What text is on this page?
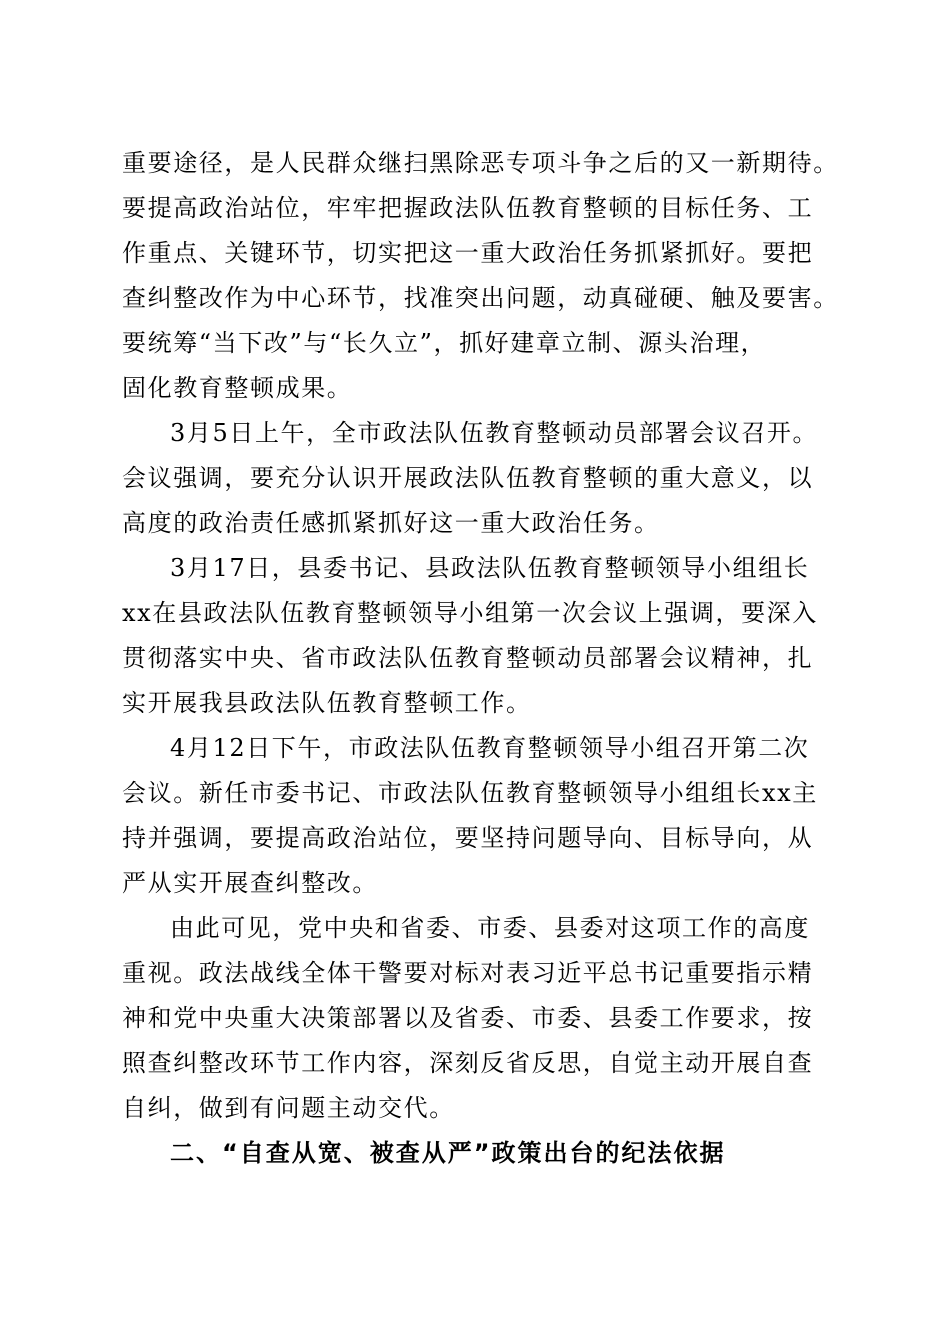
重要途径，是人民群众继扫黑除恶专项斗争之后的又一新期待。
要提高政治站位，牢牢把握政法队伍教育整顿的目标任务、工
作重点、关键环节，切实把这一重大政治任务抓紧抓好。要把
查纠整改作为中心环节，找准突出问题，动真碰硬、触及要害。
要统筹“当下改”与“长久立”，抓好建章立制、源头治理，
固化教育整顿成果。
3月5日上午，全市政法队伍教育整顿动员部署会议召开。
会议强调，要充分认识开展政法队伍教育整顿的重大意义，以
高度的政治责任感抓紧抓好这一重大政治任务。
3月17日，县委书记、县政法队伍教育整顿领导小组组长
xx在县政法队伍教育整顿领导小组第一次会议上强调，要深入
贯彻落实中央、省市政法队伍教育整顿动员部署会议精神，扎
实开展我县政法队伍教育整顿工作。
4月12日下午，市政法队伍教育整顿领导小组召开第二次
会议。新任市委书记、市政法队伍教育整顿领导小组组长xx主
持并强调，要提高政治站位，要坚持问题导向、目标导向，从
严从实开展查纠整改。
由此可见，党中央和省委、市委、县委对这项工作的高度
重视。政法战线全体干警要对标对表习近平总书记重要指示精
神和党中央重大决策部署以及省委、市委、县委工作要求，按
照查纠整改环节工作内容，深刻反省反思，自觉主动开展自查
自纠，做到有问题主动交代。
二、“自查从宽、被查从严”政策出台的纪法依据
